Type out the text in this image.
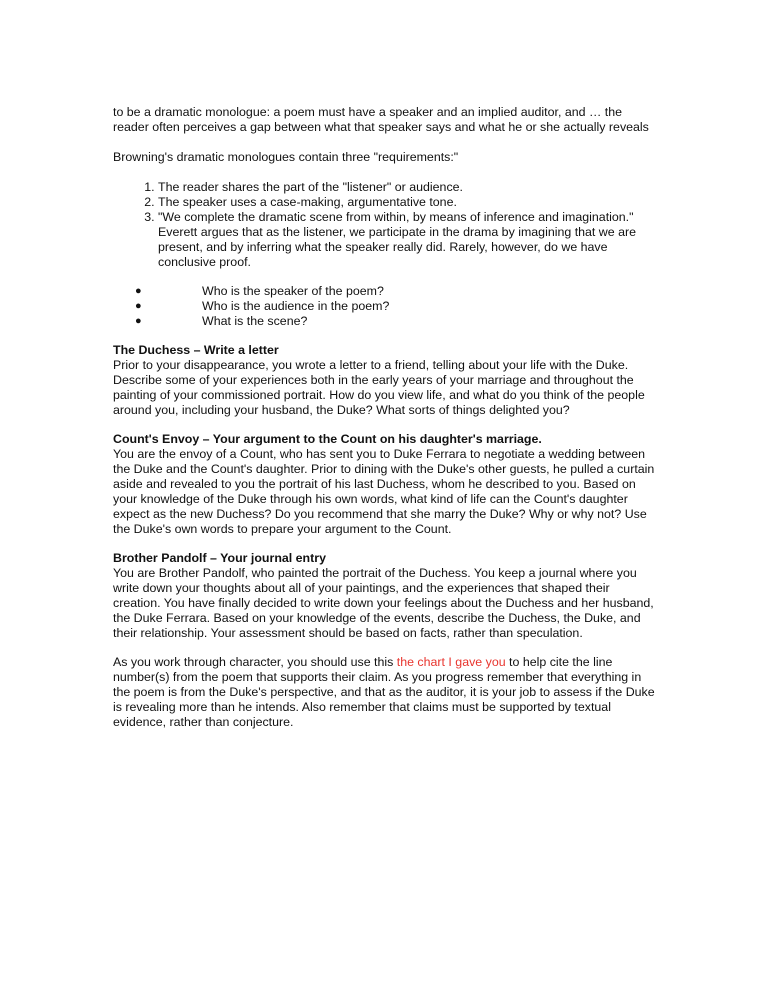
to be a dramatic monologue: a poem must have a speaker and an implied auditor, and … the reader often perceives a gap between what that speaker says and what he or she actually reveals

Browning's dramatic monologues contain three "requirements:"

1. The reader shares the part of the "listener" or audience.
2. The speaker uses a case-making, argumentative tone.
3. "We complete the dramatic scene from within, by means of inference and imagination." Everett argues that as the listener, we participate in the drama by imagining that we are present, and by inferring what the speaker really did. Rarely, however, do we have conclusive proof.
●	Who is the speaker of the poem?
●	Who is the audience in the poem?
●	What is the scene?
The Duchess – Write a letter

Prior to your disappearance, you wrote a letter to a friend, telling about your life with the Duke. Describe some of your experiences both in the early years of your marriage and throughout the painting of your commissioned portrait. How do you view life, and what do you think of the people around you, including your husband, the Duke? What sorts of things delighted you?

Count's Envoy – Your argument to the Count on his daughter's marriage.

You are the envoy of a Count, who has sent you to Duke Ferrara to negotiate a wedding between the Duke and the Count's daughter. Prior to dining with the Duke's other guests, he pulled a curtain aside and revealed to you the portrait of his last Duchess, whom he described to you. Based on your knowledge of the Duke through his own words, what kind of life can the Count's daughter expect as the new Duchess? Do you recommend that she marry the Duke? Why or why not? Use the Duke's own words to prepare your argument to the Count.

Brother Pandolf – Your journal entry

You are Brother Pandolf, who painted the portrait of the Duchess. You keep a journal where you write down your thoughts about all of your paintings, and the experiences that shaped their creation. You have finally decided to write down your feelings about the Duchess and her husband, the Duke Ferrara. Based on your knowledge of the events, describe the Duchess, the Duke, and their relationship. Your assessment should be based on facts, rather than speculation.

As you work through character, you should use this the chart I gave you to help cite the line number(s) from the poem that supports their claim. As you progress remember that everything in the poem is from the Duke's perspective, and that as the auditor, it is your job to assess if the Duke is revealing more than he intends. Also remember that claims must be supported by textual evidence, rather than conjecture.
